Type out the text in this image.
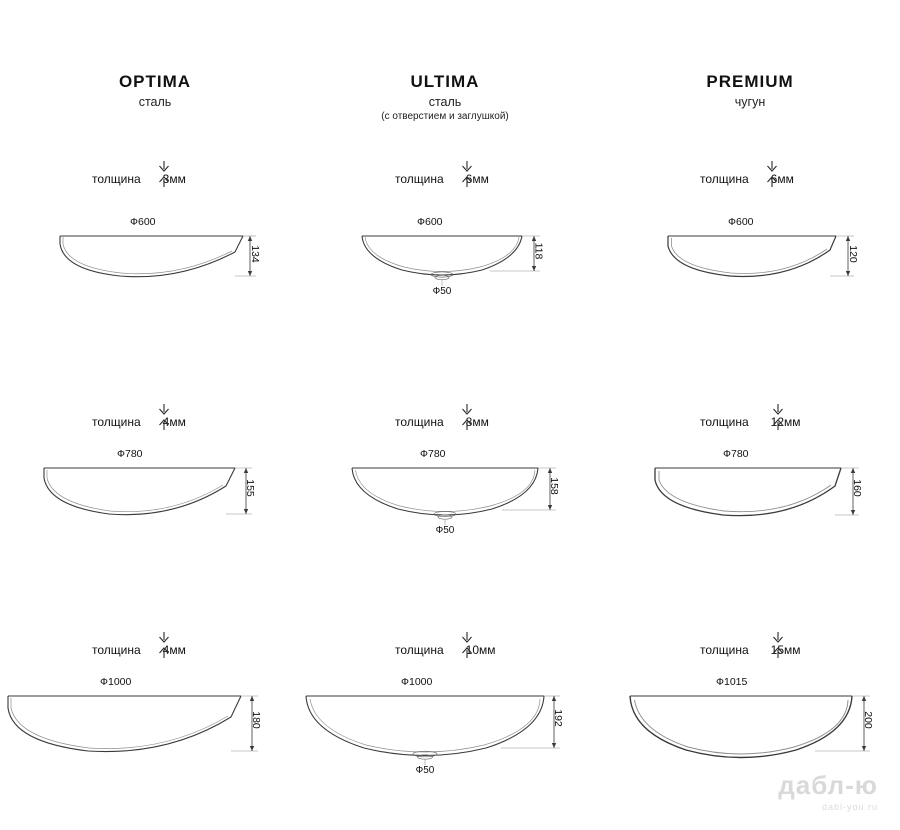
OPTIMA
сталь
ULTIMA
сталь
(с отверстием и заглушкой)
PREMIUM
чугун
толщина 3мм
Ф600
134
толщина 6мм
Ф600
118
Ф50
толщина 6мм
Ф600
120
толщина 4мм
Ф780
155
толщина 8мм
Ф780
158
Ф50
толщина 12мм
Ф780
160
толщина 4мм
Ф1000
180
толщина 10мм
Ф1000
192
Ф50
толщина 15мм
Ф1015
200
дабл-ю
dabl-you.ru
